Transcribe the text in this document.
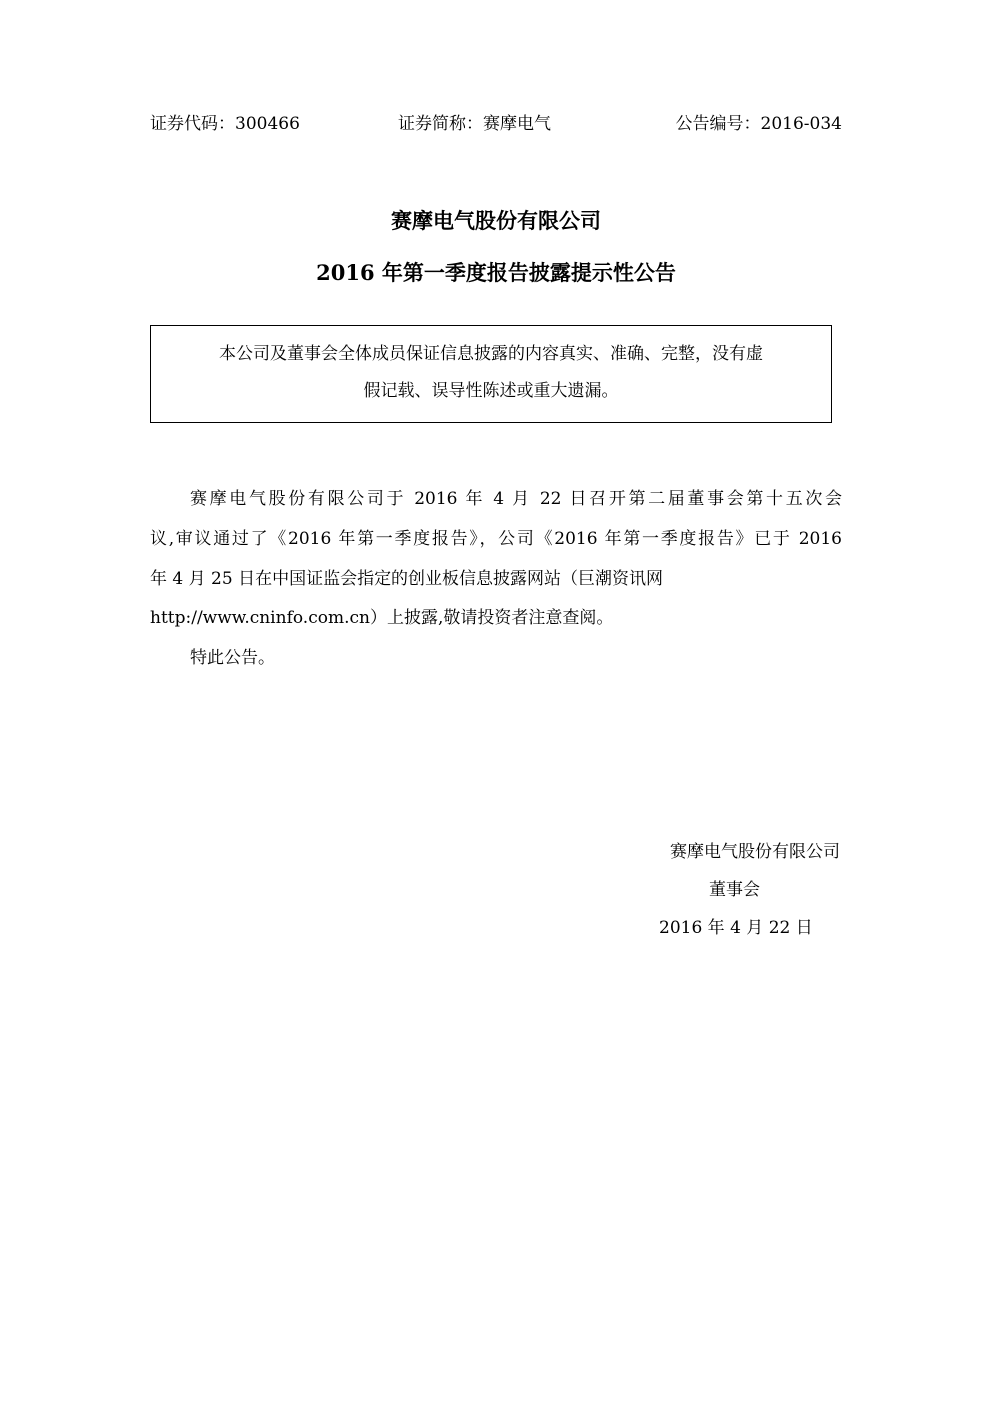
证券代码：300466	证券简称：赛摩电气	公告编号：2016-034
赛摩电气股份有限公司
2016 年第一季度报告披露提示性公告
本公司及董事会全体成员保证信息披露的内容真实、准确、完整，没有虚
假记载、误导性陈述或重大遗漏。
赛摩电气股份有限公司于 2016 年 4 月 22 日召开第二届董事会第十五次会
议,审议通过了《2016 年第一季度报告》，公司《2016 年第一季度报告》已于 2016
年 4 月 25 日在中国证监会指定的创业板信息披露网站（巨潮资讯网
http://www.cninfo.com.cn）上披露,敬请投资者注意查阅。
特此公告。
赛摩电气股份有限公司
董事会
2016 年 4 月 22 日
